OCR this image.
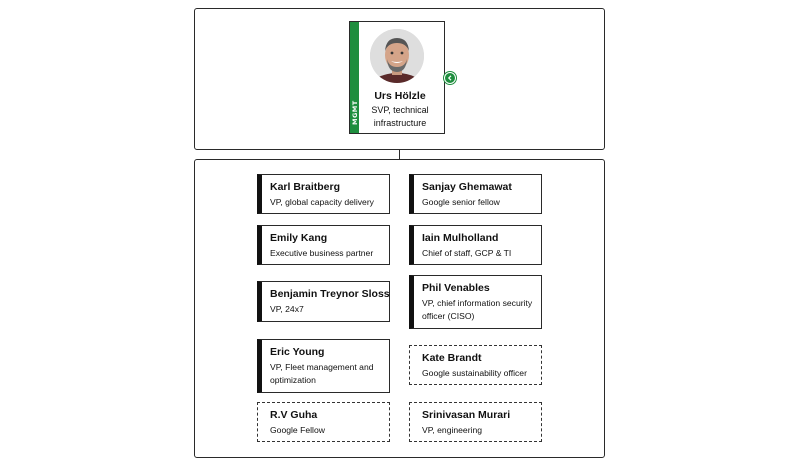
MGMT
Urs Hölzle
SVP, technical infrastructure
Karl Braitberg
VP, global capacity delivery
Emily Kang
Executive business partner
Benjamin Treynor Sloss
VP, 24x7
Eric Young
VP, Fleet management and optimization
R.V Guha
Google Fellow
Sanjay Ghemawat
Google senior fellow
Iain Mulholland
Chief of staff, GCP & TI
Phil Venables
VP, chief information security officer (CISO)
Kate Brandt
Google sustainability officer
Srinivasan Murari
VP, engineering
